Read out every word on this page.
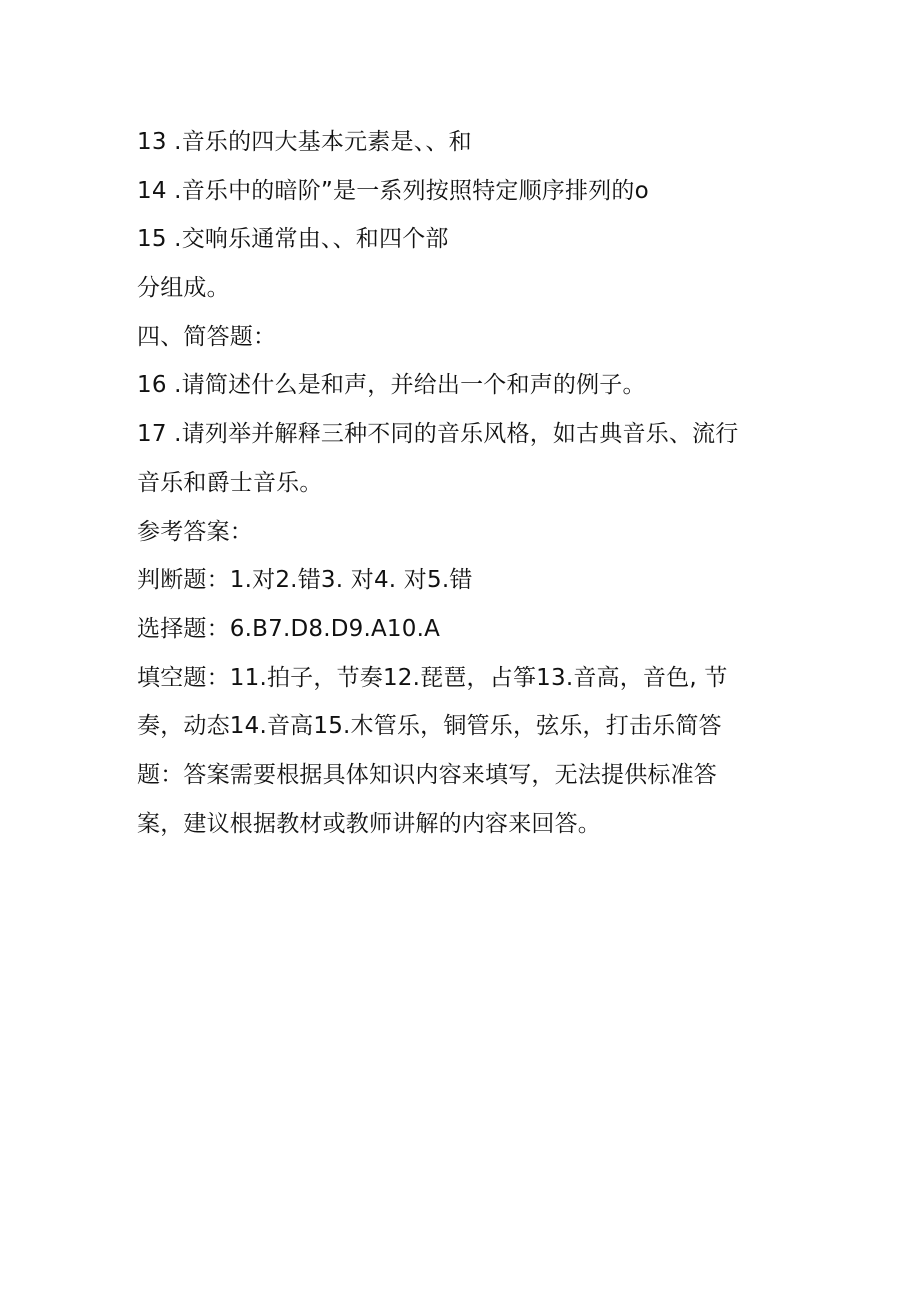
13 .音乐的四大基本元素是、、和
14 .音乐中的暗阶”是一系列按照特定顺序排列的o
15 .交响乐通常由、、和四个部
分组成。
四、简答题：
16 .请简述什么是和声，并给出一个和声的例子。
17 .请列举并解释三种不同的音乐风格，如古典音乐、流行
音乐和爵士音乐。
参考答案：
判断题：1.对2.错3. 对4. 对5.错
选择题：6.B7.D8.D9.A10.A
填空题：11.拍子，节奏12.琵琶，占筝13.音高，音色, 节
奏，动态14.音高15.木管乐，铜管乐，弦乐，打击乐简答
题：答案需要根据具体知识内容来填写，无法提供标准答
案，建议根据教材或教师讲解的内容来回答。
